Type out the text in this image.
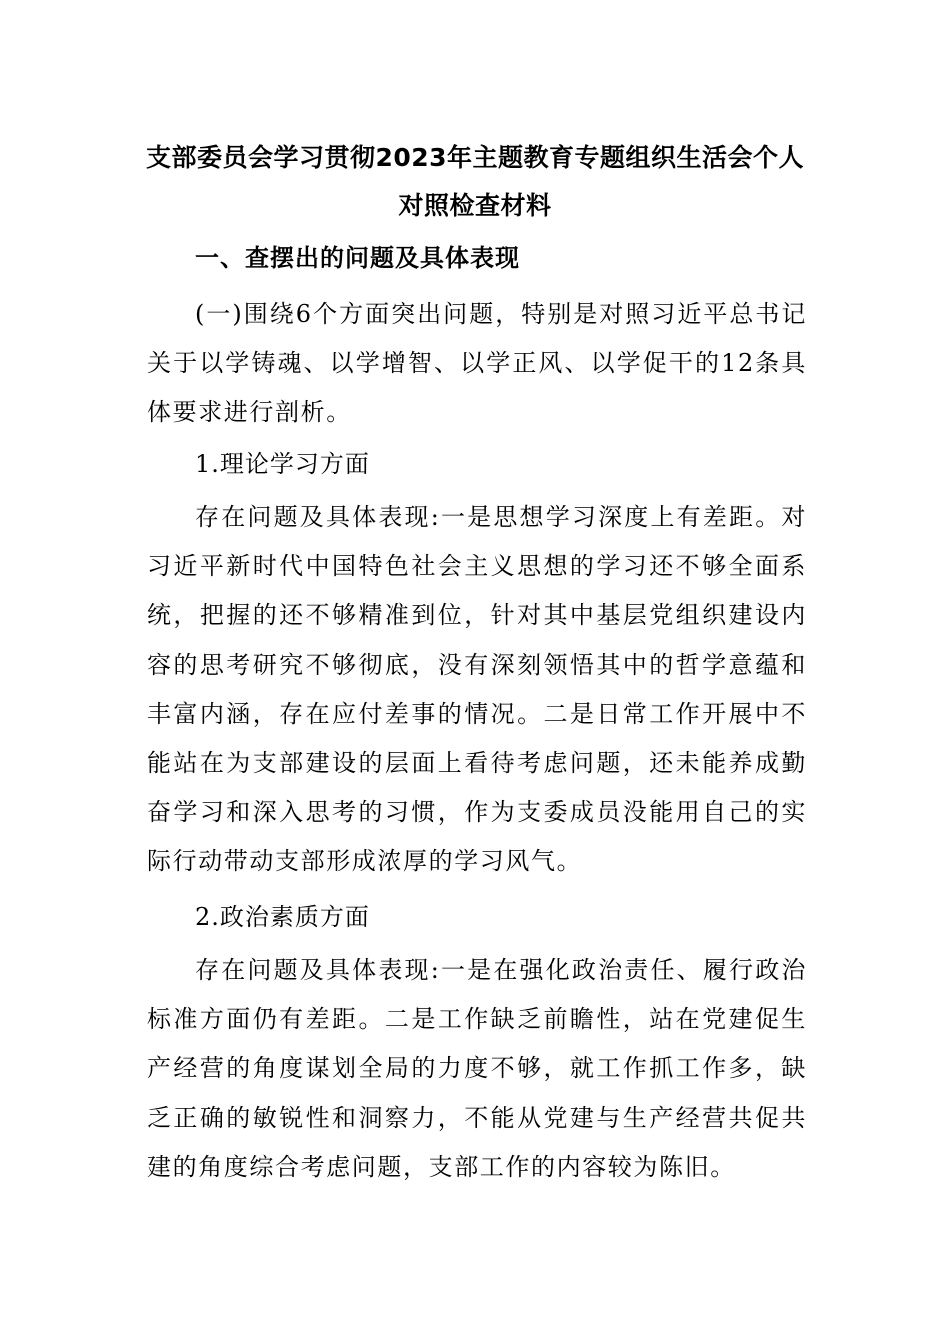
支部委员会学习贯彻2023年主题教育专题组织生活会个人
对照检查材料
一、查摆出的问题及具体表现

(一)围绕6个方面突出问题，特别是对照习近平总书记关于以学铸魂、以学增智、以学正风、以学促干的12条具体要求进行剖析。

1.理论学习方面

存在问题及具体表现:一是思想学习深度上有差距。对习近平新时代中国特色社会主义思想的学习还不够全面系统，把握的还不够精准到位，针对其中基层党组织建设内容的思考研究不够彻底，没有深刻领悟其中的哲学意蕴和丰富内涵，存在应付差事的情况。二是日常工作开展中不能站在为支部建设的层面上看待考虑问题，还未能养成勤奋学习和深入思考的习惯，作为支委成员没能用自己的实际行动带动支部形成浓厚的学习风气。

2.政治素质方面

存在问题及具体表现:一是在强化政治责任、履行政治标准方面仍有差距。二是工作缺乏前瞻性，站在党建促生产经营的角度谋划全局的力度不够，就工作抓工作多，缺乏正确的敏锐性和洞察力，不能从党建与生产经营共促共建的角度综合考虑问题，支部工作的内容较为陈旧。
